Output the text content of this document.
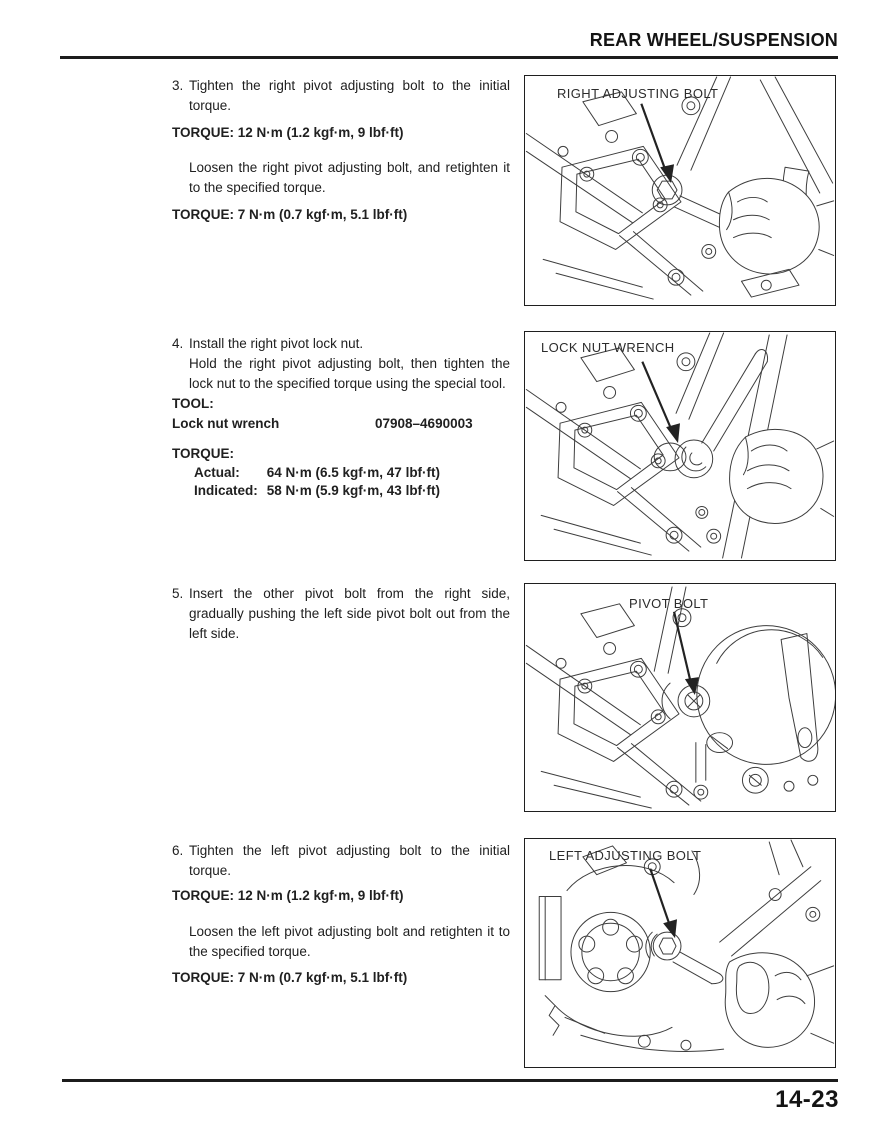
REAR WHEEL/SUSPENSION

3. Tighten the right pivot adjusting bolt to the initial torque.

TORQUE: 12 N·m (1.2 kgf·m, 9 lbf·ft)

Loosen the right pivot adjusting bolt, and retighten it to the specified torque.

TORQUE: 7 N·m (0.7 kgf·m, 5.1 lbf·ft)

4. Install the right pivot lock nut.

Hold the right pivot adjusting bolt, then tighten the lock nut to the specified torque using the special tool.

TOOL:

Lock nut wrench	07908–4690003

TORQUE:

Actual: 64 N·m (6.5 kgf·m, 47 lbf·ft)

Indicated: 58 N·m (5.9 kgf·m, 43 lbf·ft)

5. Insert the other pivot bolt from the right side, gradually pushing the left side pivot bolt out from the left side.

6. Tighten the left pivot adjusting bolt to the initial torque.

TORQUE: 12 N·m (1.2 kgf·m, 9 lbf·ft)

Loosen the left pivot adjusting bolt and retighten it to the specified torque.

TORQUE: 7 N·m (0.7 kgf·m, 5.1 lbf·ft)

RIGHT ADJUSTING BOLT
LOCK NUT WRENCH
PIVOT BOLT
LEFT ADJUSTING BOLT
14-23
